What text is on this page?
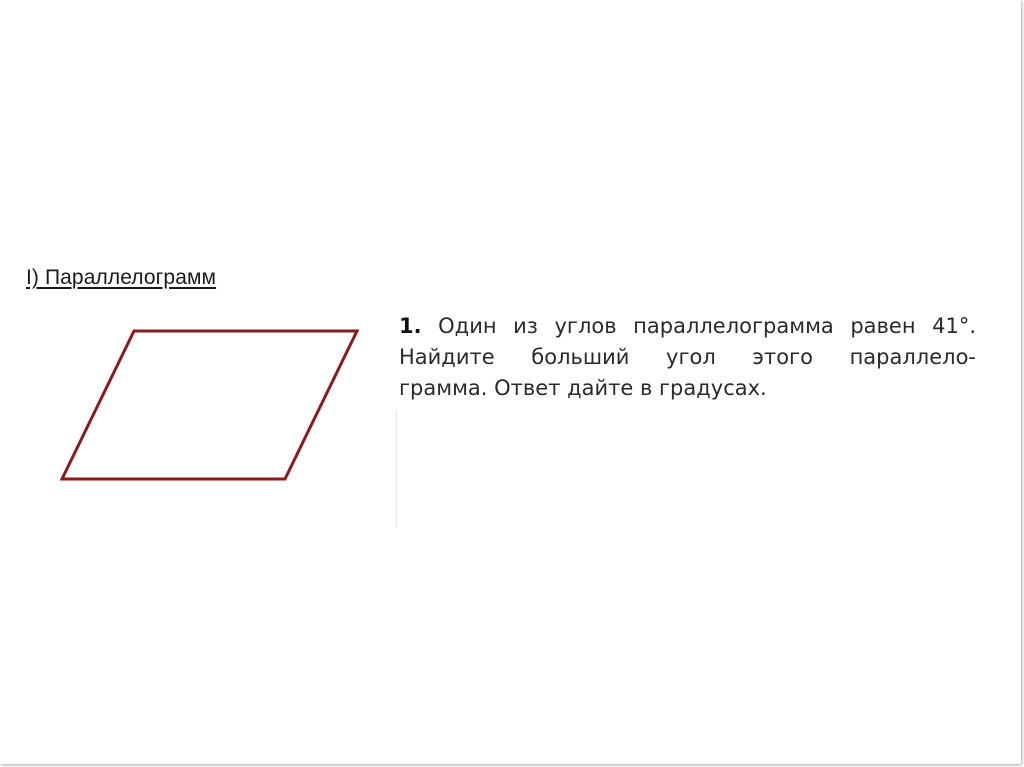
I) Параллелограмм
1. Один из углов параллелограмма равен 41°.
Найдите больший угол этого параллело-
грамма. Ответ дайте в градусах.
